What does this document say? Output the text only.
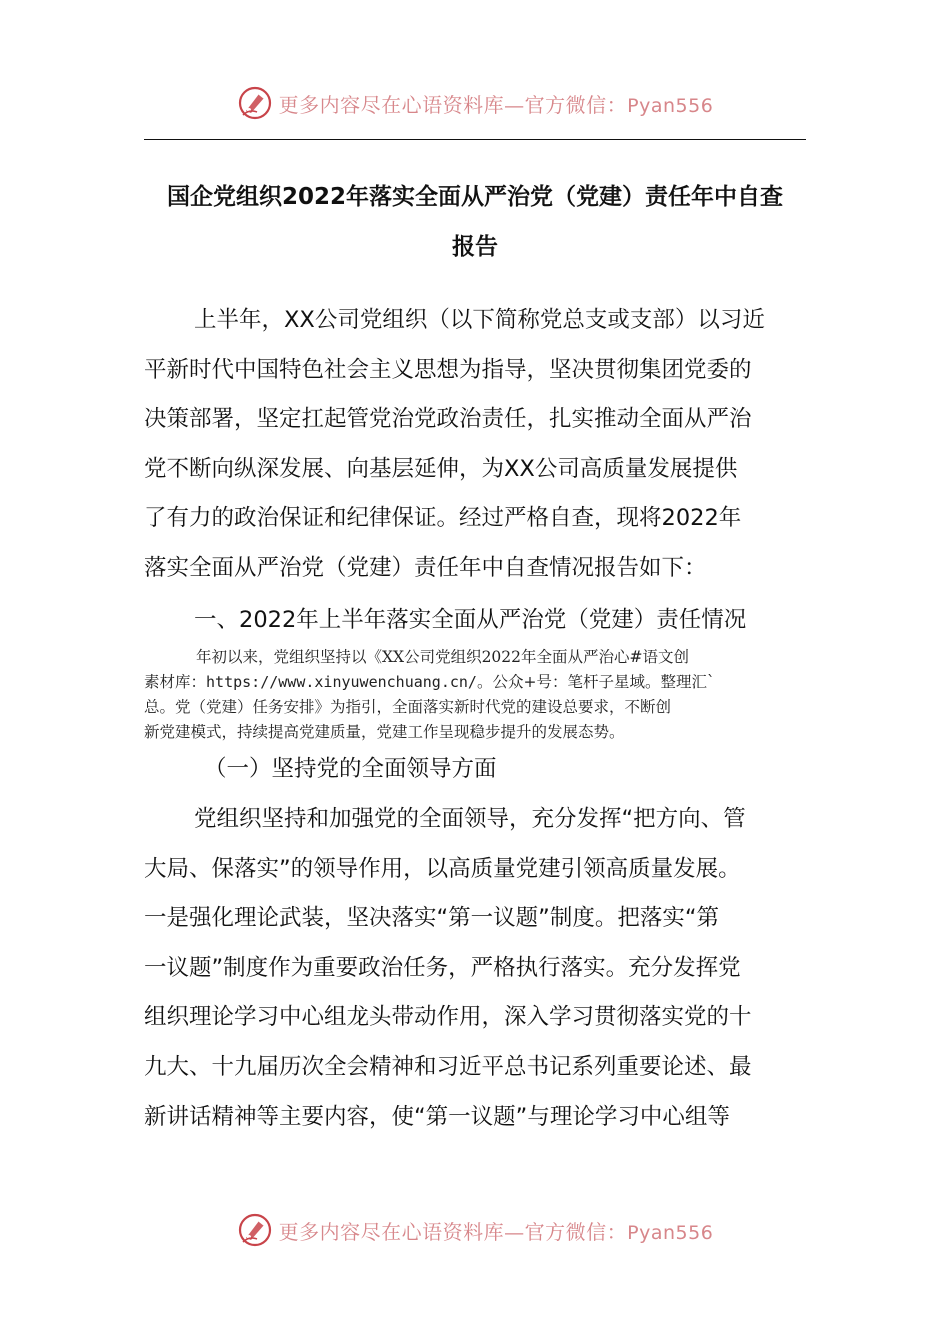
更多内容尽在心语资料库—官方微信：Pyan556
国企党组织2022年落实全面从严治党（党建）责任年中自查
报告
上半年，XX公司党组织（以下简称党总支或支部）以习近
平新时代中国特色社会主义思想为指导，坚决贯彻集团党委的
决策部署，坚定扛起管党治党政治责任，扎实推动全面从严治
党不断向纵深发展、向基层延伸，为XX公司高质量发展提供
了有力的政治保证和纪律保证。经过严格自查，现将2022年
落实全面从严治党（党建）责任年中自查情况报告如下：
一、2022年上半年落实全面从严治党（党建）责任情况
年初以来，党组织坚持以《XX公司党组织2022年全面从严治心#语文创
素材库：https://www.xinyuwenchuang.cn/。公众+号：笔杆子星域。整理汇`
总。党（党建）任务安排》为指引，全面落实新时代党的建设总要求，不断创
新党建模式，持续提高党建质量，党建工作呈现稳步提升的发展态势。
（一）坚持党的全面领导方面
党组织坚持和加强党的全面领导，充分发挥“把方向、管
大局、保落实”的领导作用，以高质量党建引领高质量发展。
一是强化理论武装，坚决落实“第一议题”制度。把落实“第
一议题”制度作为重要政治任务，严格执行落实。充分发挥党
组织理论学习中心组龙头带动作用，深入学习贯彻落实党的十
九大、十九届历次全会精神和习近平总书记系列重要论述、最
新讲话精神等主要内容，使“第一议题”与理论学习中心组等
更多内容尽在心语资料库—官方微信：Pyan556
